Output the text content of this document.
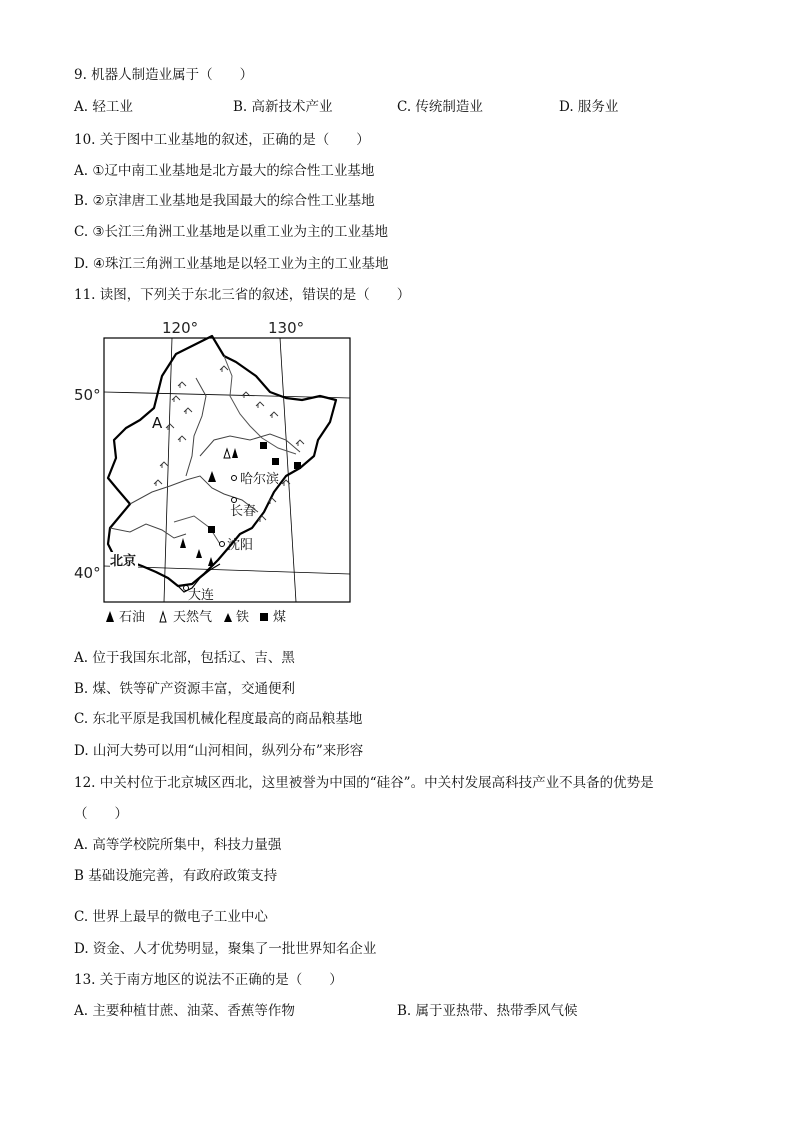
9. 机器人制造业属于（　　）
A. 轻工业	B. 高新技术产业	C. 传统制造业	D. 服务业
10. 关于图中工业基地的叙述，正确的是（　　）
A. ①辽中南工业基地是北方最大的综合性工业基地
B. ②京津唐工业基地是我国最大的综合性工业基地
C. ③长江三角洲工业基地是以重工业为主的工业基地
D. ④珠江三角洲工业基地是以轻工业为主的工业基地
11. 读图，下列关于东北三省的叙述，错误的是（　　）
120°	130°
50°
40°
A
哈尔滨
长春
沈阳
北京
大连
石油 天然气 铁 煤
A. 位于我国东北部，包括辽、吉、黑
B. 煤、铁等矿产资源丰富，交通便利
C. 东北平原是我国机械化程度最高的商品粮基地
D. 山河大势可以用“山河相间，纵列分布”来形容
12. 中关村位于北京城区西北，这里被誉为中国的“硅谷”。中关村发展高科技产业不具备的优势是
（　　）
A. 高等学校院所集中，科技力量强
B 基础设施完善，有政府政策支持
C. 世界上最早的微电子工业中心
D. 资金、人才优势明显，聚集了一批世界知名企业
13. 关于南方地区的说法不正确的是（　　）
A. 主要种植甘蔗、油菜、香蕉等作物	B. 属于亚热带、热带季风气候
